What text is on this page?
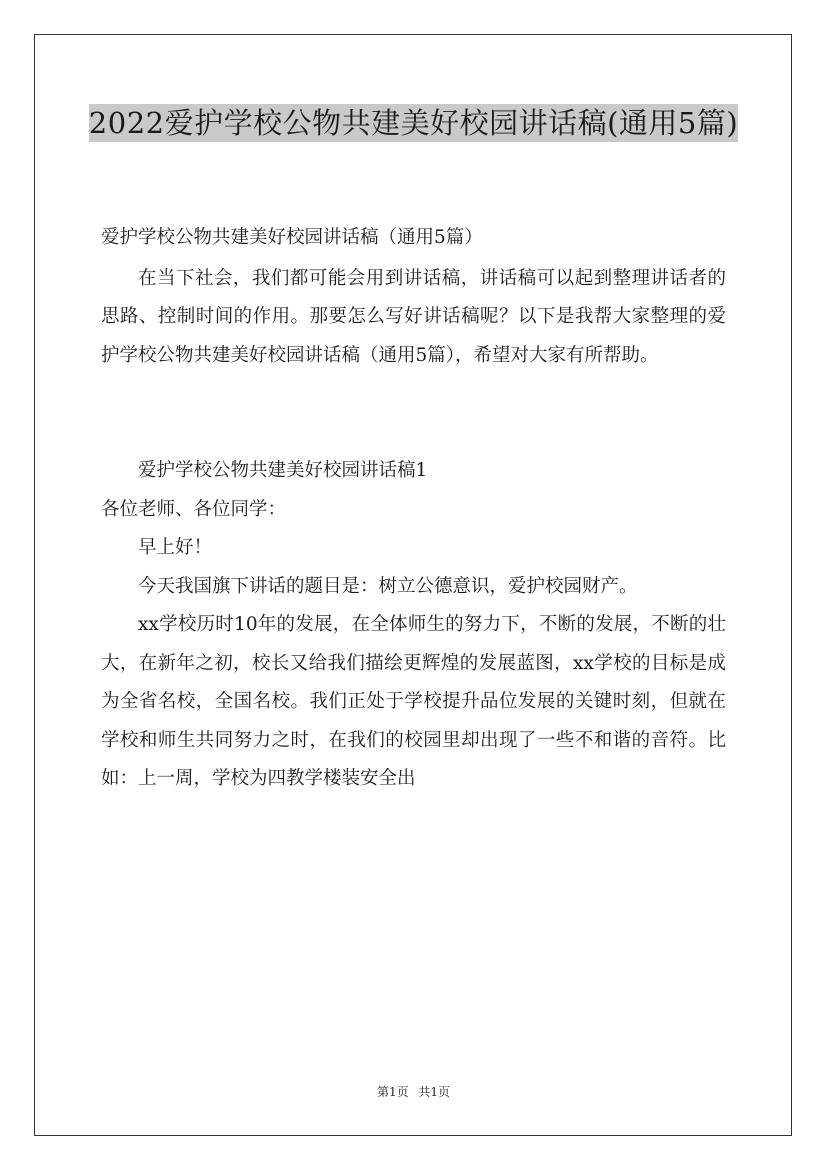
2022爱护学校公物共建美好校园讲话稿(通用5篇)

爱护学校公物共建美好校园讲话稿（通用5篇）

在当下社会，我们都可能会用到讲话稿，讲话稿可以起到整理讲话者的思路、控制时间的作用。那要怎么写好讲话稿呢？以下是我帮大家整理的爱护学校公物共建美好校园讲话稿（通用5篇），希望对大家有所帮助。

爱护学校公物共建美好校园讲话稿1

各位老师、各位同学：

早上好！

今天我国旗下讲话的题目是：树立公德意识，爱护校园财产。

xx学校历时10年的发展，在全体师生的努力下，不断的发展，不断的壮大，在新年之初，校长又给我们描绘更辉煌的发展蓝图，xx学校的目标是成为全省名校，全国名校。我们正处于学校提升品位发展的关键时刻，但就在学校和师生共同努力之时，在我们的校园里却出现了一些不和谐的音符。比如：上一周，学校为四教学楼装安全出

第1页 共1页
